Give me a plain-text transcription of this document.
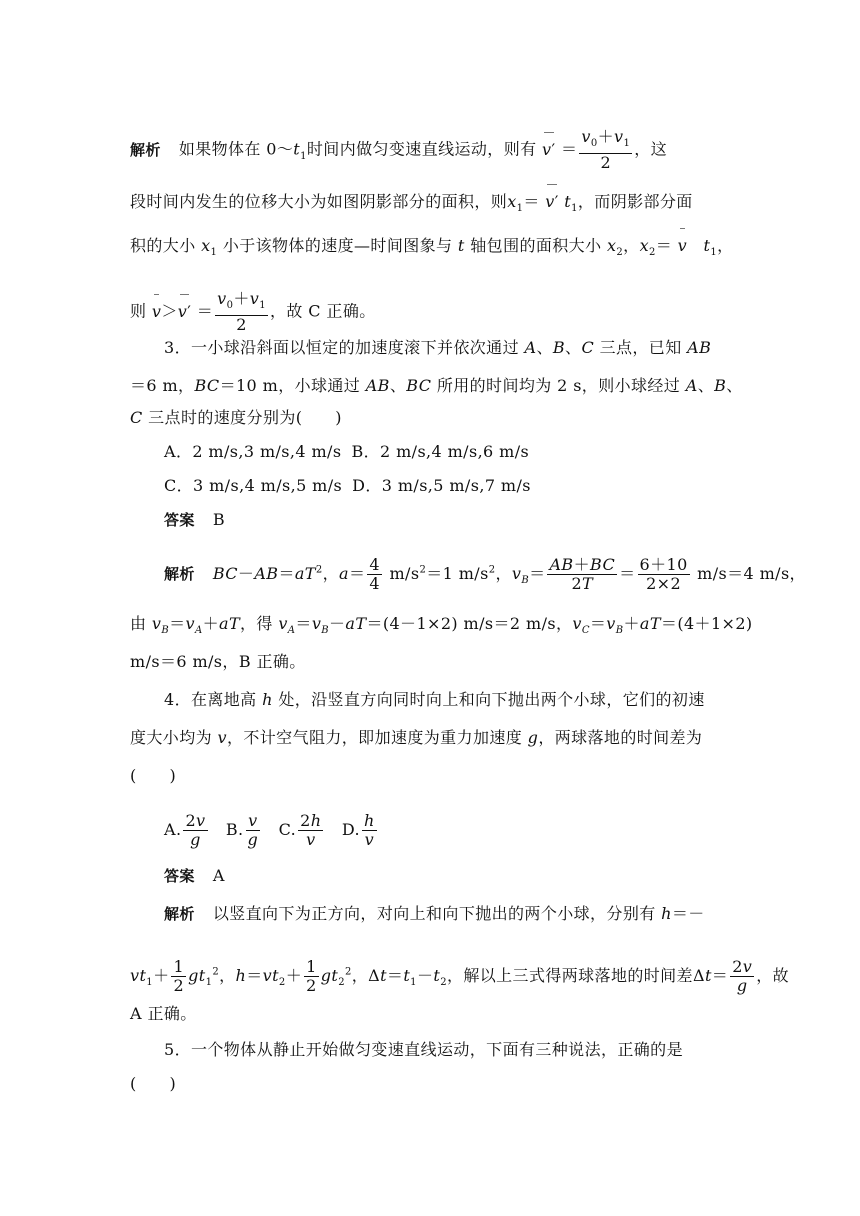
解析 如果物体在 $0\sim t_1$时间内做匀变速直线运动，则有 $v' = \frac{v_0+v_1}{2}$ ，这
段时间内发生的位移大小为如图阴影部分的面积，则$x_1= v'$ $t_1$，而阴影部分面
积的大小 $x_1$ 小于该物体的速度—时间图象与 t 轴包围的面积大小 $x_2$，$x_2= v$　 $t_1$，
则 $v>v' = \frac{v_0+v_1}{2}$ ，故 C 正确。
3．一小球沿斜面以恒定的加速度滚下并依次通过 A、B、C 三点，已知 AB
＝6 m，BC＝10 m，小球通过 AB、BC 所用的时间均为 2 s，则小球经过 A、B、
C 三点时的速度分别为(　　)
A．2 m/s,3 m/s,4 m/s B．2 m/s,4 m/s,6 m/s
C．3 m/s,4 m/s,5 m/s D．3 m/s,5 m/s,7 m/s
答案 B
解析 $BC-AB=aT^2$，$a= \frac{4}{4} m/s^2=1$ $m/s^2$，$v_B= \frac{AB+BC}{2T} = \frac{6+10}{2\times 2} m/s=4$ m/s，
由 $v_B=v_A+aT$，得 $v_A=v_B-aT=(4-1\times 2)$ m/s＝2 m/s，$v_C=v_B+aT=(4+1\times 2)$
m/s＝6 m/s，B 正确。
4．在离地高 h 处，沿竖直方向同时向上和向下抛出两个小球，它们的初速
度大小均为 v，不计空气阻力，即加速度为重力加速度 g，两球落地的时间差为
(　　)
A. $\frac{2v}{g}$ 　B. $\frac{v}{g}$ 　C. $\frac{2h}{v}$ 　D. $\frac{h}{v}$
答案 A
解析 以竖直向下为正方向，对向上和向下抛出的两个小球，分别有 h＝－
$vt_1+ \frac{1}{2} gt_1^2$，$h=vt_2+ \frac{1}{2} gt_2^2$，$\Delta t=t_1-t_2$，解以上三式得两球落地的时间差$\Delta t= \frac{2v}{g}$ ，故
A 正确。
5．一个物体从静止开始做匀变速直线运动，下面有三种说法，正确的是
(　　)
